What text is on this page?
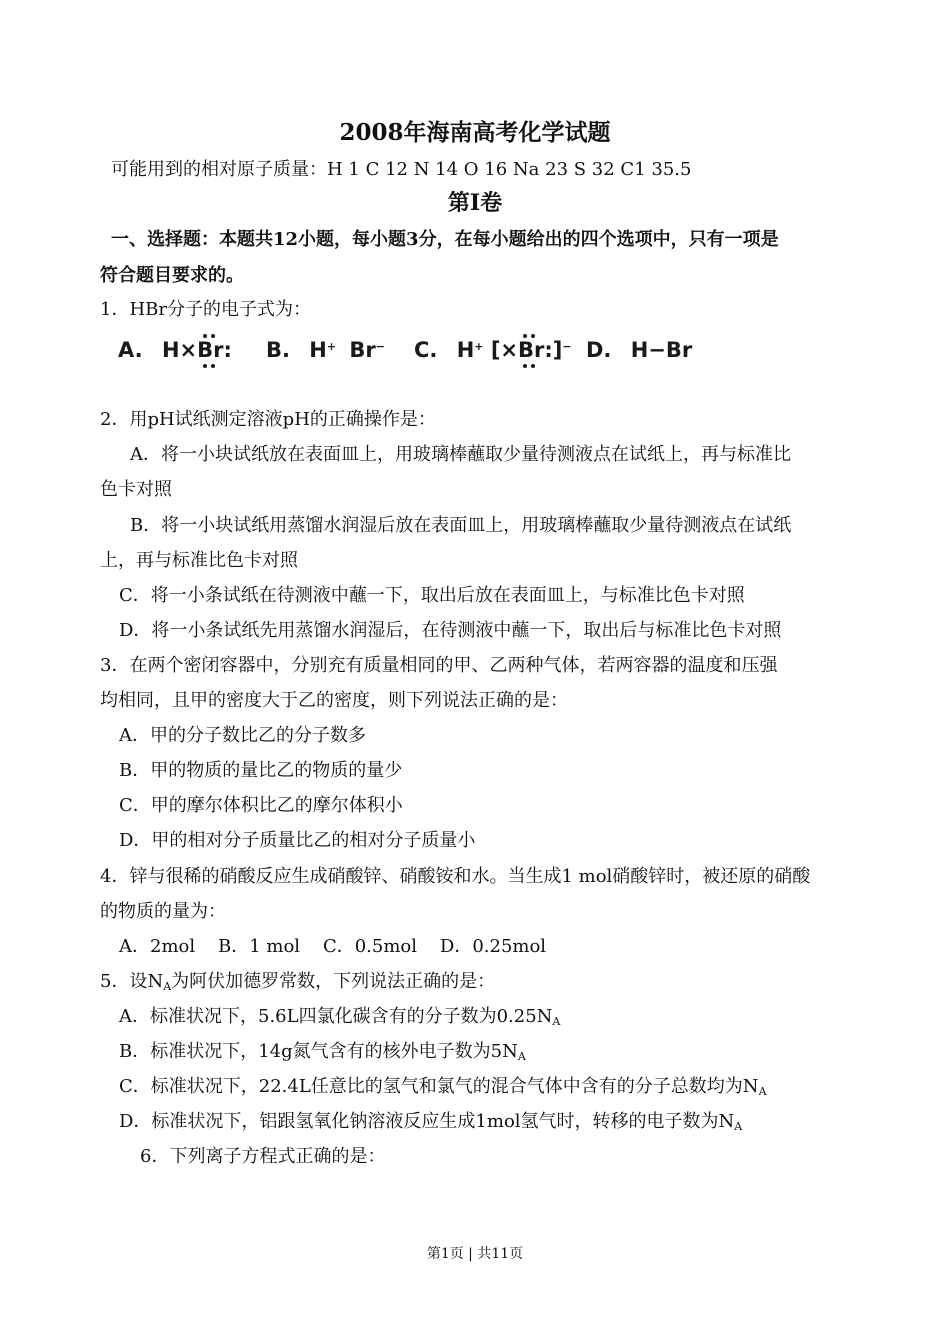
2008年海南高考化学试题
可能用到的相对原子质量：H 1 C 12 N 14 O 16 Na 23 S 32 C1 35.5
第I卷
一、选择题：本题共12小题，每小题3分，在每小题给出的四个选项中，只有一项是
符合题目要求的。
1．HBr分子的电子式为：
A. H×Br: B. H+ Br− C. H+ [×Br:]
− D. H−Br
2．用pH试纸测定溶液pH的正确操作是：
A．将一小块试纸放在表面皿上，用玻璃棒蘸取少量待测液点在试纸上，再与标准比
色卡对照
B．将一小块试纸用蒸馏水润湿后放在表面皿上，用玻璃棒蘸取少量待测液点在试纸
上，再与标准比色卡对照
C．将一小条试纸在待测液中蘸一下，取出后放在表面皿上，与标准比色卡对照
D．将一小条试纸先用蒸馏水润湿后，在待测液中蘸一下，取出后与标准比色卡对照
3．在两个密闭容器中，分别充有质量相同的甲、乙两种气体，若两容器的温度和压强
均相同，且甲的密度大于乙的密度，则下列说法正确的是：
A．甲的分子数比乙的分子数多
B．甲的物质的量比乙的物质的量少
C．甲的摩尔体积比乙的摩尔体积小
D．甲的相对分子质量比乙的相对分子质量小
4．锌与很稀的硝酸反应生成硝酸锌、硝酸铵和水。当生成1 mol硝酸锌时，被还原的硝酸
的物质的量为：
A．2mol    B．1 mol    C．0.5mol    D．0.25mol
5．设$N_A$为阿伏加德罗常数，下列说法正确的是：
A．标准状况下，5.6L四氯化碳含有的分子数为$0.25N_A$
B．标准状况下，14g氮气含有的核外电子数为$5N_A$
C．标准状况下，22.4L任意比的氢气和氯气的混合气体中含有的分子总数均为$N_A$
D．标准状况下，铝跟氢氧化钠溶液反应生成1mol氢气时，转移的电子数为$N_A$
6．下列离子方程式正确的是：
第1页 | 共11页
